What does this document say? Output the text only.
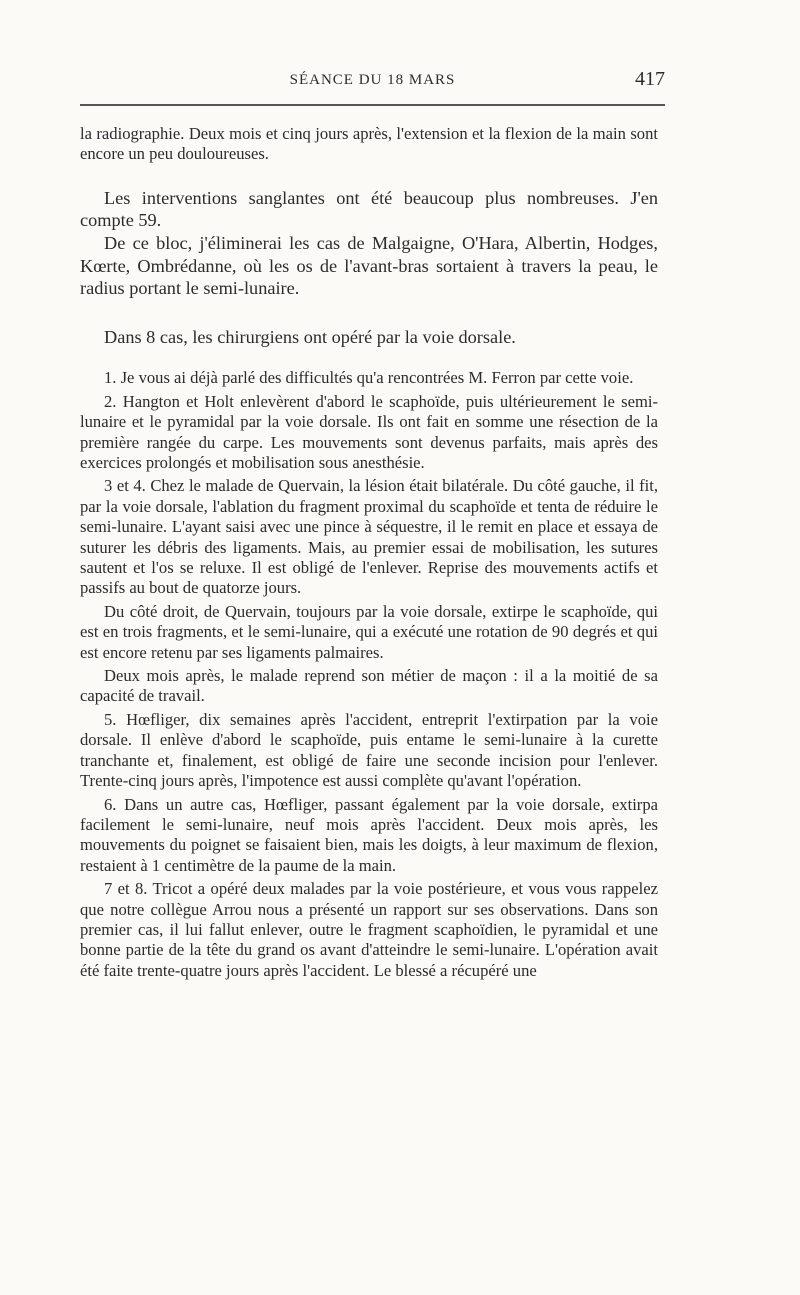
SÉANCE DU 18 MARS	417

la radiographie. Deux mois et cinq jours après, l'extension et la flexion de la main sont encore un peu douloureuses.

Les interventions sanglantes ont été beaucoup plus nombreuses. J'en compte 59.

De ce bloc, j'éliminerai les cas de Malgaigne, O'Hara, Albertin, Hodges, Kœrte, Ombrédanne, où les os de l'avant-bras sortaient à travers la peau, le radius portant le semi-lunaire.

Dans 8 cas, les chirurgiens ont opéré par la voie dorsale.

1. Je vous ai déjà parlé des difficultés qu'a rencontrées M. Ferron par cette voie.

2. Hangton et Holt enlevèrent d'abord le scaphoïde, puis ultérieurement le semi-lunaire et le pyramidal par la voie dorsale. Ils ont fait en somme une résection de la première rangée du carpe. Les mouvements sont devenus parfaits, mais après des exercices prolongés et mobilisation sous anesthésie.

3 et 4. Chez le malade de Quervain, la lésion était bilatérale. Du côté gauche, il fit, par la voie dorsale, l'ablation du fragment proximal du scaphoïde et tenta de réduire le semi-lunaire. L'ayant saisi avec une pince à séquestre, il le remit en place et essaya de suturer les débris des ligaments. Mais, au premier essai de mobilisation, les sutures sautent et l'os se reluxe. Il est obligé de l'enlever. Reprise des mouvements actifs et passifs au bout de quatorze jours.

Du côté droit, de Quervain, toujours par la voie dorsale, extirpe le scaphoïde, qui est en trois fragments, et le semi-lunaire, qui a exécuté une rotation de 90 degrés et qui est encore retenu par ses ligaments palmaires.

Deux mois après, le malade reprend son métier de maçon : il a la moitié de sa capacité de travail.

5. Hœfliger, dix semaines après l'accident, entreprit l'extirpation par la voie dorsale. Il enlève d'abord le scaphoïde, puis entame le semi-lunaire à la curette tranchante et, finalement, est obligé de faire une seconde incision pour l'enlever. Trente-cinq jours après, l'impotence est aussi complète qu'avant l'opération.

6. Dans un autre cas, Hœfliger, passant également par la voie dorsale, extirpa facilement le semi-lunaire, neuf mois après l'accident. Deux mois après, les mouvements du poignet se faisaient bien, mais les doigts, à leur maximum de flexion, restaient à 1 centimètre de la paume de la main.

7 et 8. Tricot a opéré deux malades par la voie postérieure, et vous vous rappelez que notre collègue Arrou nous a présenté un rapport sur ses observations. Dans son premier cas, il lui fallut enlever, outre le fragment scaphoïdien, le pyramidal et une bonne partie de la tête du grand os avant d'atteindre le semi-lunaire. L'opération avait été faite trente-quatre jours après l'accident. Le blessé a récupéré une
